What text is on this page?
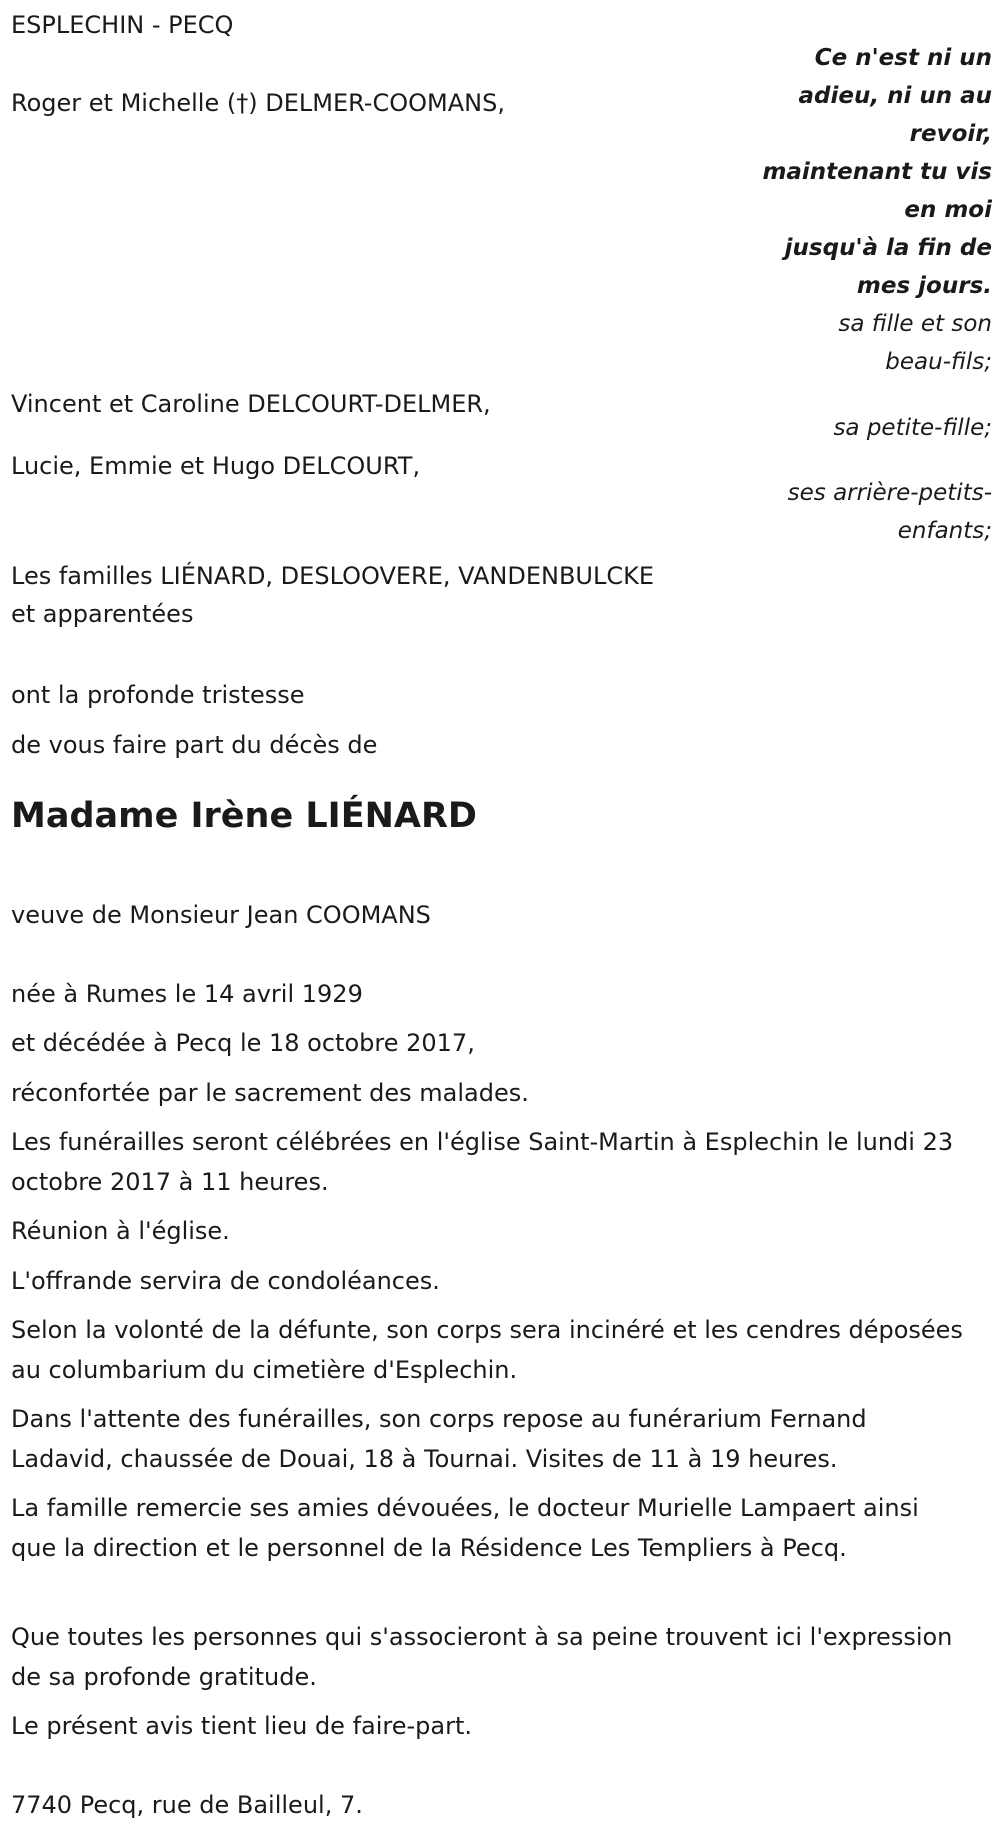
ESPLECHIN - PECQ

Roger et Michelle (†) DELMER-COOMANS,

Vincent et Caroline DELCOURT-DELMER,

Lucie, Emmie et Hugo DELCOURT,

Ce n'est ni un

adieu, ni un au

revoir,

maintenant tu vis

en moi

jusqu'à la fin de

mes jours.

sa fille et son

beau-fils;

sa petite-fille;

ses arrière-petits-

enfants;

Les familles LIÉNARD, DESLOOVERE, VANDENBULCKE

et apparentées

ont la profonde tristesse

de vous faire part du décès de

Madame Irène LIÉNARD

veuve de Monsieur Jean COOMANS

née à Rumes le 14 avril 1929

et décédée à Pecq le 18 octobre 2017,

réconfortée par le sacrement des malades.

Les funérailles seront célébrées en l'église Saint-Martin à Esplechin le lundi 23 octobre 2017 à 11 heures.

Réunion à l'église.

L'offrande servira de condoléances.

Selon la volonté de la défunte, son corps sera incinéré et les cendres déposées au columbarium du cimetière d'Esplechin.

Dans l'attente des funérailles, son corps repose au funérarium Fernand Ladavid, chaussée de Douai, 18 à Tournai. Visites de 11 à 19 heures.

La famille remercie ses amies dévouées, le docteur Murielle Lampaert ainsi que la direction et le personnel de la Résidence Les Templiers à Pecq.

Que toutes les personnes qui s'associeront à sa peine trouvent ici l'expression de sa profonde gratitude.

Le présent avis tient lieu de faire-part.

7740 Pecq, rue de Bailleul, 7.
